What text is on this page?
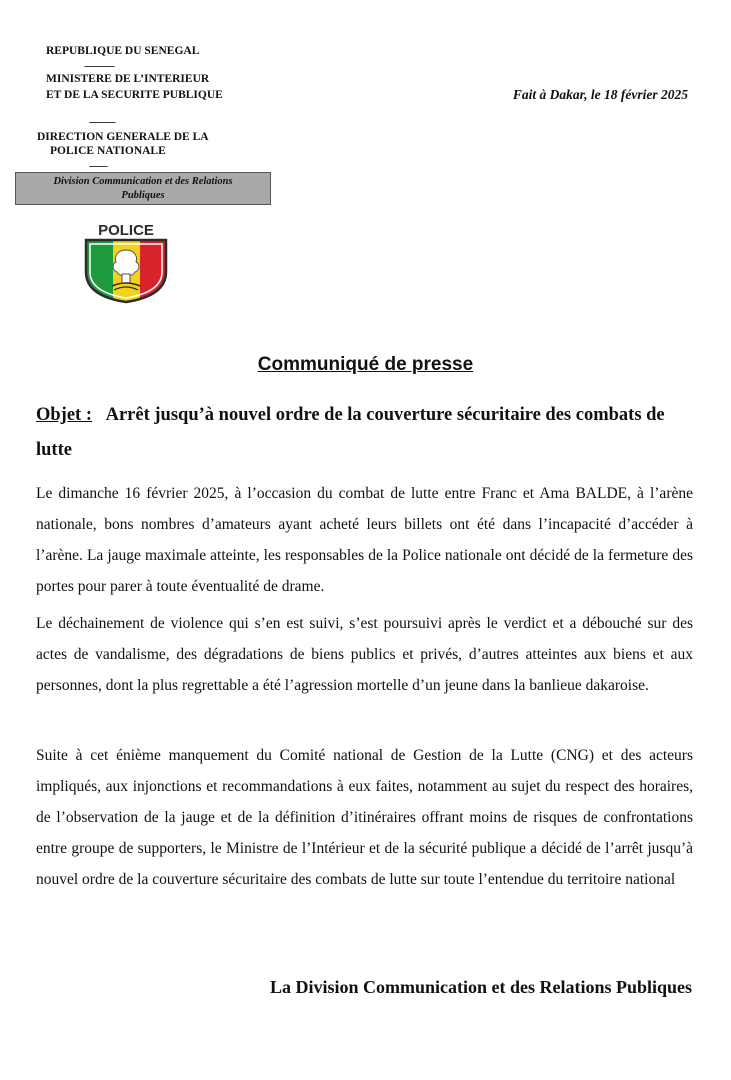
REPUBLIQUE DU SENEGAL
---------------
MINISTERE DE L’INTERIEUR
ET DE LA SECURITE PUBLIQUE
-------------
DIRECTION GENERALE DE LA
POLICE NATIONALE
---------
Division Communication et des Relations
Publiques
Fait à Dakar, le 18 février 2025
POLICE
Communiqué de presse
Objet : Arrêt jusqu’à nouvel ordre de la couverture sécuritaire des combats de lutte
Le dimanche 16 février 2025, à l’occasion du combat de lutte entre Franc et Ama BALDE, à l’arène nationale, bons nombres d’amateurs ayant acheté leurs billets ont été dans l’incapacité d’accéder à l’arène. La jauge maximale atteinte, les responsables de la Police nationale ont décidé de la fermeture des portes pour parer à toute éventualité de drame.
Le déchainement de violence qui s’en est suivi, s’est poursuivi après le verdict et a débouché sur des actes de vandalisme, des dégradations de biens publics et privés, d’autres atteintes aux biens et aux personnes, dont la plus regrettable a été l’agression mortelle d’un jeune dans la banlieue dakaroise.
Suite à cet énième manquement du Comité national de Gestion de la Lutte (CNG) et des acteurs impliqués, aux injonctions et recommandations à eux faites, notamment au sujet du respect des horaires, de l’observation de la jauge et de la définition d’itinéraires offrant moins de risques de confrontations entre groupe de supporters, le Ministre de l’Intérieur et de la sécurité publique a décidé de l’arrêt jusqu’à nouvel ordre de la couverture sécuritaire des combats de lutte sur toute l’entendue du territoire national
La Division Communication et des Relations Publiques
